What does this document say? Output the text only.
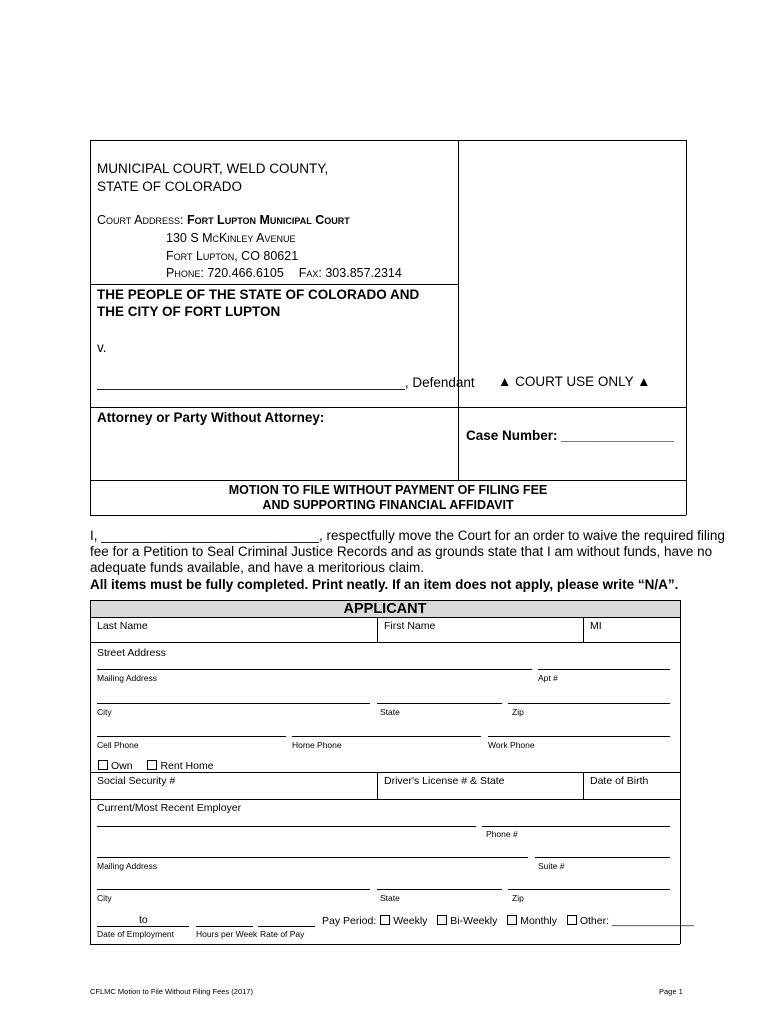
MUNICIPAL COURT, WELD COUNTY,
STATE OF COLORADO
Court Address: Fort Lupton Municipal Court
130 S McKinley Avenue
Fort Lupton, CO 80621
Phone: 720.466.6105 Fax: 303.857.2314
THE PEOPLE OF THE STATE OF COLORADO AND
THE CITY OF FORT LUPTON
v.
_________________________________________, Defendant ▲ COURT USE ONLY ▲
Attorney or Party Without Attorney:
Case Number: _______________
MOTION TO FILE WITHOUT PAYMENT OF FILING FEE
AND SUPPORTING FINANCIAL AFFIDAVIT
I, _____________________________, respectfully move the Court for an order to waive the required filing
fee for a Petition to Seal Criminal Justice Records and as grounds state that I am without funds, have no
adequate funds available, and have a meritorious claim.
All items must be fully completed. Print neatly. If an item does not apply, please write “N/A”.
APPLICANT
Last Name	First Name	MI
Street Address
Mailing Address	Apt #
City	State	Zip
Cell Phone	Home Phone	Work Phone
Own	Rent Home
Social Security #	Driver's License # & State	Date of Birth
Current/Most Recent Employer
Phone #
Mailing Address	Suite #
City	State	Zip
to
Date of Employment	Hours per Week Rate of Pay
Pay Period: Weekly Bi-Weekly Monthly Other: ______________
CFLMC Motion to File Without Filing Fees (2017)	Page 1
